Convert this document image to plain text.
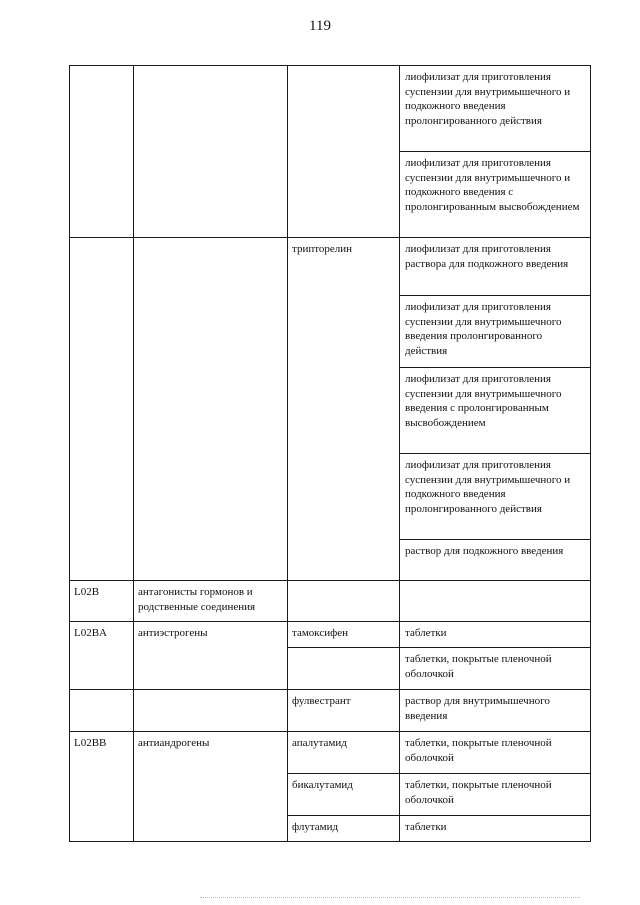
119
			лиофилизат для приготовления суспензии для внутримышечного и подкожного введения пролонгированного действия
			лиофилизат для приготовления суспензии для внутримышечного и подкожного введения с пролонгированным высвобождением
		трипторелин	лиофилизат для приготовления раствора для подкожного введения
			лиофилизат для приготовления суспензии для внутримышечного введения пролонгированного действия
			лиофилизат для приготовления суспензии для внутримышечного введения с пролонгированным высвобождением
			лиофилизат для приготовления суспензии для внутримышечного и подкожного введения пролонгированного действия
			раствор для подкожного введения
L02B	антагонисты гормонов и родственные соединения		
L02BA	антиэстрогены	тамоксифен	таблетки
			таблетки, покрытые пленочной оболочкой
		фулвестрант	раствор для внутримышечного введения
L02BB	антиандрогены	апалутамид	таблетки, покрытые пленочной оболочкой
		бикалутамид	таблетки, покрытые пленочной оболочкой
		флутамид	таблетки
